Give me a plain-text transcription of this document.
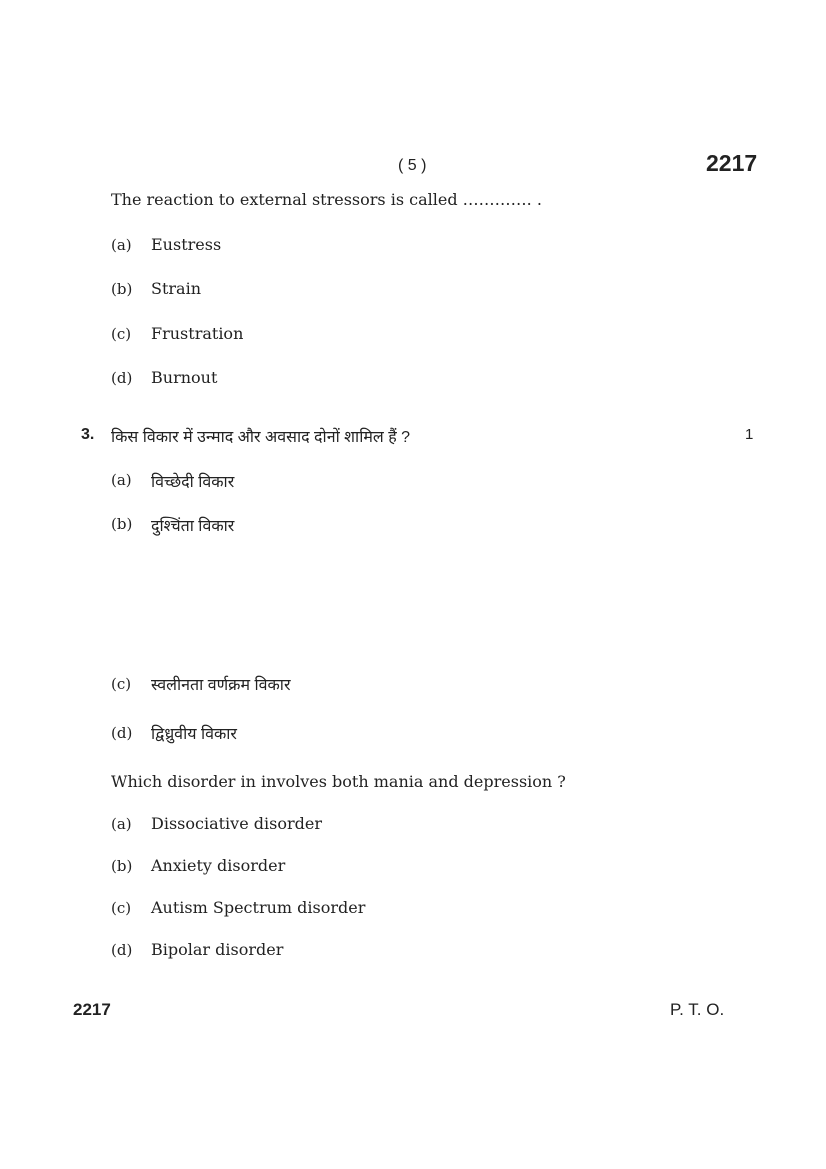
( 5 )	2217
The reaction to external stressors is called …………. .
(a) Eustress
(b) Strain
(c) Frustration
(d) Burnout
3. किस विकार में उन्माद और अवसाद दोनों शामिल हैं ?	1
(a) विच्छेदी विकार
(b) दुश्चिंता विकार
(c) स्वलीनता वर्णक्रम विकार
(d) द्विध्रुवीय विकार
Which disorder in involves both mania and depression ?
(a) Dissociative disorder
(b) Anxiety disorder
(c) Autism Spectrum disorder
(d) Bipolar disorder
2217	P. T. O.
